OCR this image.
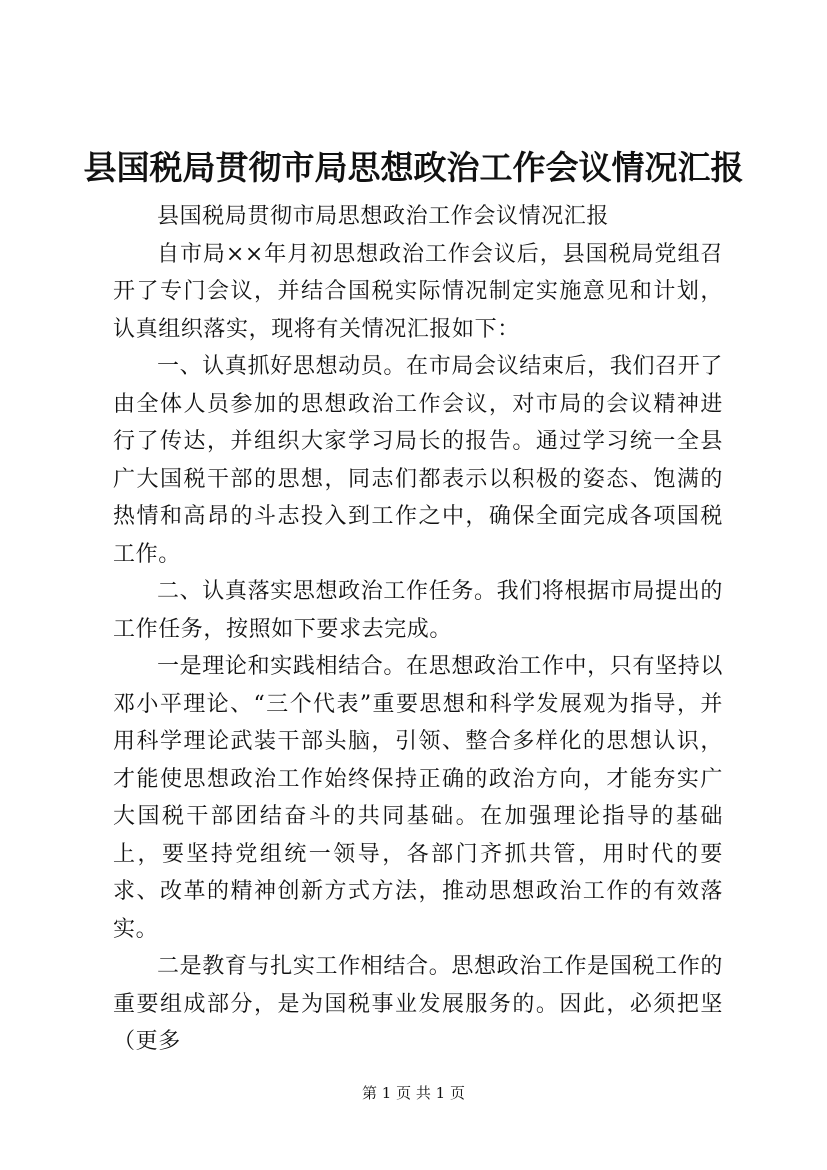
县国税局贯彻市局思想政治工作会议情况汇报

县国税局贯彻市局思想政治工作会议情况汇报

自市局××年月初思想政治工作会议后，县国税局党组召开了专门会议，并结合国税实际情况制定实施意见和计划，认真组织落实，现将有关情况汇报如下：

一、认真抓好思想动员。在市局会议结束后，我们召开了由全体人员参加的思想政治工作会议，对市局的会议精神进行了传达，并组织大家学习局长的报告。通过学习统一全县广大国税干部的思想，同志们都表示以积极的姿态、饱满的热情和高昂的斗志投入到工作之中，确保全面完成各项国税工作。

二、认真落实思想政治工作任务。我们将根据市局提出的工作任务，按照如下要求去完成。

一是理论和实践相结合。在思想政治工作中，只有坚持以邓小平理论、“三个代表”重要思想和科学发展观为指导，并用科学理论武装干部头脑，引领、整合多样化的思想认识，才能使思想政治工作始终保持正确的政治方向，才能夯实广大国税干部团结奋斗的共同基础。在加强理论指导的基础上，要坚持党组统一领导，各部门齐抓共管，用时代的要求、改革的精神创新方式方法，推动思想政治工作的有效落实。

二是教育与扎实工作相结合。思想政治工作是国税工作的重要组成部分，是为国税事业发展服务的。因此，必须把坚（更多

第 1 页 共 1 页
